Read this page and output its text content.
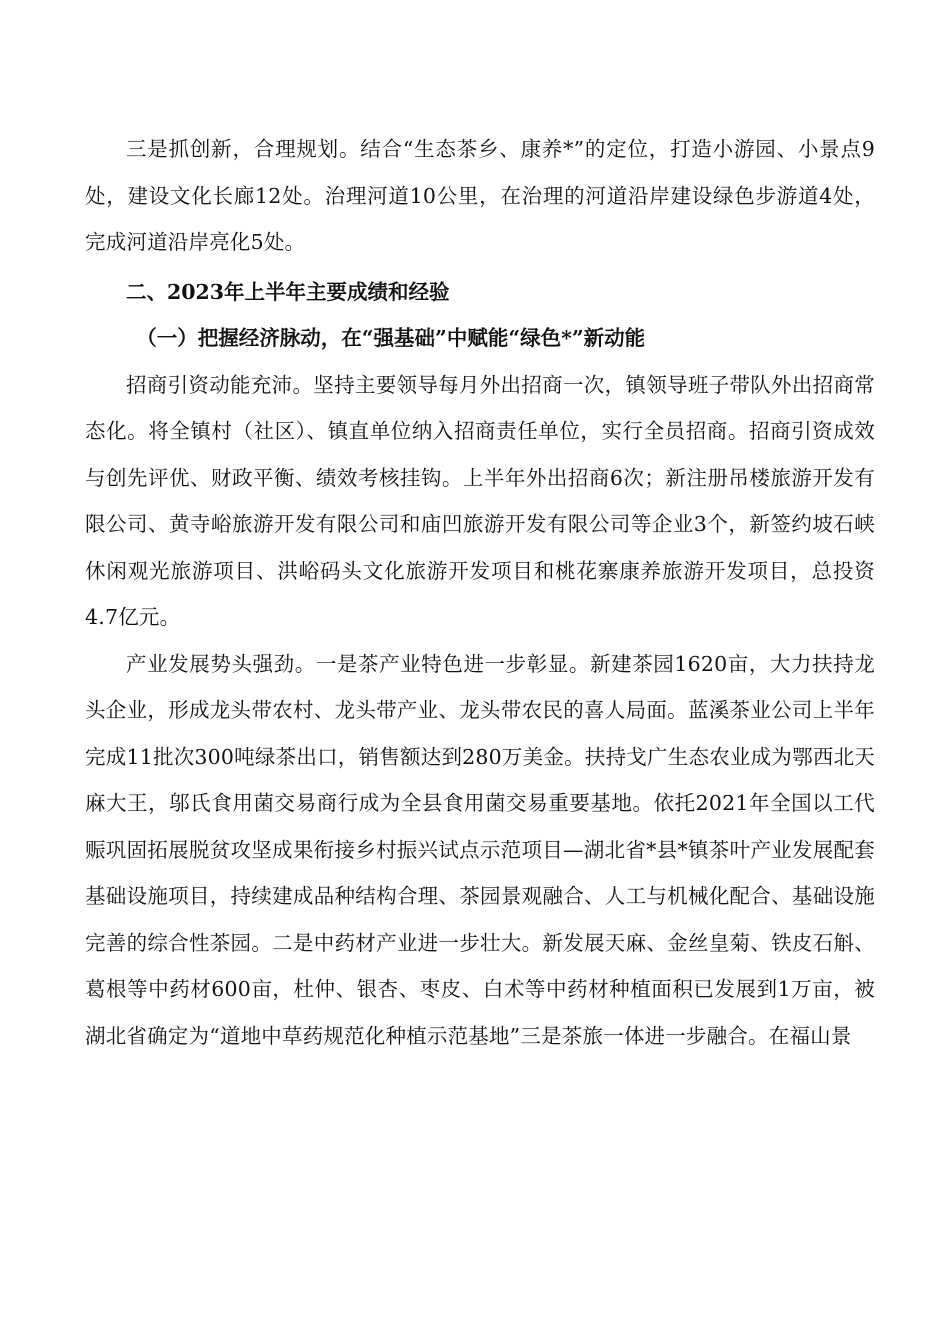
三是抓创新，合理规划。结合“生态茶乡、康养*”的定位，打造小游园、小景点9处，建设文化长廊12处。治理河道10公里，在治理的河道沿岸建设绿色步游道4处，完成河道沿岸亮化5处。

二、2023年上半年主要成绩和经验

（一）把握经济脉动，在“强基础”中赋能“绿色*”新动能

招商引资动能充沛。坚持主要领导每月外出招商一次，镇领导班子带队外出招商常态化。将全镇村（社区）、镇直单位纳入招商责任单位，实行全员招商。招商引资成效与创先评优、财政平衡、绩效考核挂钩。上半年外出招商6次；新注册吊楼旅游开发有限公司、黄寺峪旅游开发有限公司和庙凹旅游开发有限公司等企业3个，新签约坡石峡休闲观光旅游项目、洪峪码头文化旅游开发项目和桃花寨康养旅游开发项目，总投资4.7亿元。

产业发展势头强劲。一是茶产业特色进一步彰显。新建茶园1620亩，大力扶持龙头企业，形成龙头带农村、龙头带产业、龙头带农民的喜人局面。蓝溪茶业公司上半年完成11批次300吨绿茶出口，销售额达到280万美金。扶持戈广生态农业成为鄂西北天麻大王，邬氏食用菌交易商行成为全县食用菌交易重要基地。依托2021年全国以工代赈巩固拓展脱贫攻坚成果衔接乡村振兴试点示范项目—湖北省*县*镇茶叶产业发展配套基础设施项目，持续建成品种结构合理、茶园景观融合、人工与机械化配合、基础设施完善的综合性茶园。二是中药材产业进一步壮大。新发展天麻、金丝皇菊、铁皮石斛、葛根等中药材600亩，杜仲、银杏、枣皮、白术等中药材种植面积已发展到1万亩，被湖北省确定为“道地中草药规范化种植示范基地”三是茶旅一体进一步融合。在福山景
